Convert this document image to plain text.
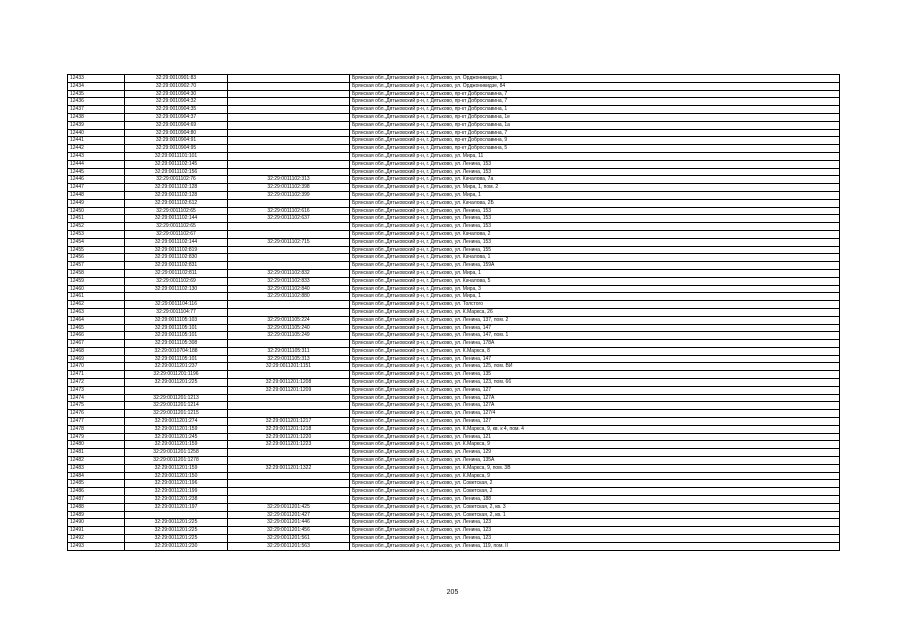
12433	32:29:0010901:83		Брянская обл.,Дятьковский р-н, г. Дятьково, ул. Орджоникидзе, 1
12434	32:29:0010902:70		Брянская обл.,Дятьковский р-н, г. Дятьково, ул. Орджоникидзе, 84
12435	32:29:0010904:30		Брянская обл.,Дятьковский р-н, г. Дятьково, пр-кт Доброславина, 7
12436	32:29:0010904:32		Брянская обл.,Дятьковский р-н, г. Дятьково, пр-кт Доброславина, 7
12437	32:29:0010904:35		Брянская обл.,Дятьковский р-н, г. Дятьково, пр-кт Доброславина, 1
12438	32:29:0010904:37		Брянская обл.,Дятьковский р-н, г. Дятьково, пр-кт Доброславина, 1е
12439	32:29:0010904:69		Брянская обл.,Дятьковский р-н, г. Дятьково, пр-кт Доброславина, 1а
12440	32:29:0010904:80		Брянская обл.,Дятьковский р-н, г. Дятьково, пр-кт Доброславина, 7
12441	32:29:0010904:91		Брянская обл.,Дятьковский р-н, г. Дятьково, пр-кт Доброславина, 9
12442	32:29:0010904:95		Брянская обл.,Дятьковский р-н, г. Дятьково, пр-кт Доброславина, 5
12443	32:29:0011101:101		Брянская обл.,Дятьковский р-н, г. Дятьково, ул. Мира, 11
12444	32:29:0011102:145		Брянская обл.,Дятьковский р-н, г. Дятьково, ул. Ленина, 153
12445	32:29:0011102:156		Брянская обл.,Дятьковский р-н, г. Дятьково, ул. Ленина, 153
12446	32:29:0011102:76	32:29:0011102:313	Брянская обл.,Дятьковский р-н, г. Дятьково, ул. Качалова, 7а
12447	32:29:0011102:128	32:29:0011102:398	Брянская обл.,Дятьковский р-н, г. Дятьково, ул. Мира, 1, пом. 2
12448	32:29:0011102:128	32:29:0011102:399	Брянская обл.,Дятьковский р-н, г. Дятьково, ул. Мира, 1
12449	32:29:0011102:612		Брянская обл.,Дятьковский р-н, г. Дятьково, ул. Качалова, 2Б
12450	32:29:0011102:65	32:29:0011102:616	Брянская обл.,Дятьковский р-н, г. Дятьково, ул. Ленина, 153
12451	32:29:0011102:144	32:29:0011102:637	Брянская обл.,Дятьковский р-н, г. Дятьково, ул. Ленина, 153
12452	32:29:0011102:65		Брянская обл.,Дятьковский р-н, г. Дятьково, ул. Ленина, 153
12453	32:29:0011102:67		Брянская обл.,Дятьковский р-н, г. Дятьково, ул. Качалова, 2
12454	32:29:0011102:144	32:29:0011102:715	Брянская обл.,Дятьковский р-н, г. Дятьково, ул. Ленина, 153
12455	32:29:0011102:819		Брянская обл.,Дятьковский р-н, г. Дятьково, ул. Ленина, 155
12456	32:29:0011102:830		Брянская обл.,Дятьковский р-н, г. Дятьково, ул. Качалова, 1
12457	32:29:0011102:831		Брянская обл.,Дятьковский р-н, г. Дятьково, ул. Ленина, 159А
12458	32:29:0011102:811	32:29:0011102:832	Брянская обл.,Дятьковский р-н, г. Дятьково, ул. Мира, 1
12459	32:29:0011102:69	32:29:0011102:833	Брянская обл.,Дятьковский р-н, г. Дятьково, ул. Качалова, 5
12460	32:29:0011102:130	32:29:0011102:840	Брянская обл.,Дятьковский р-н, г. Дятьково, ул. Мира, 3
12461		32:29:0011102:880	Брянская обл.,Дятьковский р-н, г. Дятьково, ул. Мира, 1
12462	32:29:0011104:116		Брянская обл.,Дятьковский р-н, г. Дятьково, ул. Толстого
12463	32:29:0011104:77		Брянская обл.,Дятьковский р-н, г. Дятьково, ул. К.Маркса, 26
12464	32:29:0011105:103	32:29:0011105:224	Брянская обл.,Дятьковский р-н, г. Дятьково, ул. Ленина, 137, пом. 2
12465	32:29:0011105:101	32:29:0011105:240	Брянская обл.,Дятьковский р-н, г. Дятьково, ул. Ленина, 147
12466	32:29:0011105:101	32:29:0011105:249	Брянская обл.,Дятьковский р-н, г. Дятьково, ул. Ленина, 147, пом. 1
12467	32:29:0011105:308		Брянская обл.,Дятьковский р-н, г. Дятьково, ул. Ленина, 178А
12468	32:29:0010704:188	32:29:0011105:311	Брянская обл.,Дятьковский р-н, г. Дятьково, ул. К.Маркса, 8
12469	32:29:0011105:101	32:29:0011105:313	Брянская обл.,Дятьковский р-н, г. Дятьково, ул. Ленина, 147
12470	32:29:0011201:237	32:29:0011201:1151	Брянская обл.,Дятьковский р-н, г. Дятьково, ул. Ленина, 125, пом. ВИ
12471	32:29:0011201:1196		Брянская обл.,Дятьковский р-н, г. Дятьково, ул. Ленина, 135
12472	32:29:0011201:225	32:29:0011201:1208	Брянская обл.,Дятьковский р-н, г. Дятьково, ул. Ленина, 123, пом. 66
12473		32:29:0011201:1209	Брянская обл.,Дятьковский р-н, г. Дятьково, ул. Ленина, 127
12474	32:29:0011201:1213		Брянская обл.,Дятьковский р-н, г. Дятьково, ул. Ленина, 127А
12475	32:29:0011201:1214		Брянская обл.,Дятьковский р-н, г. Дятьково, ул. Ленина, 127А
12476	32:29:0011201:1215		Брянская обл.,Дятьковский р-н, г. Дятьково, ул. Ленина, 127/4
12477	32:29:0011201:274	32:29:0011201:1217	Брянская обл.,Дятьковский р-н, г. Дятьково, ул. Ленина, 127
12478	32:29:0011201:159	32:29:0011201:1218	Брянская обл.,Дятьковский р-н, г. Дятьково, ул. К.Маркса, 9, кв. к 4, пом. 4
12479	32:29:0011201:245	32:29:0011201:1220	Брянская обл.,Дятьковский р-н, г. Дятьково, ул. Ленина, 121
12480	32:29:0011201:159	32:29:0011201:1223	Брянская обл.,Дятьковский р-н, г. Дятьково, ул. К.Маркса, 9
12481	32:29:0011201:1258		Брянская обл.,Дятьковский р-н, г. Дятьково, ул. Ленина, 129
12482	32:29:0011201:1278		Брянская обл.,Дятьковский р-н, г. Дятьково, ул. Ленина, 135А
12483	32:29:0011201:159	32:29:0011201:1322	Брянская обл.,Дятьковский р-н, г. Дятьково, ул. К.Маркса, 9, пом. 3В
12484	32:29:0011201:150		Брянская обл.,Дятьковский р-н, г. Дятьково, ул. К.Маркса, 9
12485	32:29:0011201:196		Брянская обл.,Дятьковский р-н, г. Дятьково, ул. Советская, 2
12486	32:29:0011201:199		Брянская обл.,Дятьковский р-н, г. Дятьково, ул. Советская, 2
12487	32:29:0011201:238		Брянская обл.,Дятьковский р-н, г. Дятьково, ул. Ленина, 188
12488	32:29:0011201:197	32:29:0011201:425	Брянская обл.,Дятьковский р-н, г. Дятьково, ул. Советская, 2, кв. 3
12489		32:29:0011201:427	Брянская обл.,Дятьковский р-н, г. Дятьково, ул. Советская, 2, кв. 1
12490	32:29:0011201:225	32:29:0011201:446	Брянская обл.,Дятьковский р-н, г. Дятьково, ул. Ленина, 123
12491	32:29:0011201:225	32:29:0011201:456	Брянская обл.,Дятьковский р-н, г. Дятьково, ул. Ленина, 123
12492	32:29:0011201:225	32:29:0011201:561	Брянская обл.,Дятьковский р-н, г. Дятьково, ул. Ленина, 123
12493	32:29:0011201:230	32:29:0011201:563	Брянская обл.,Дятьковский р-н, г. Дятьково, ул. Ленина, 119, пом. II
205
